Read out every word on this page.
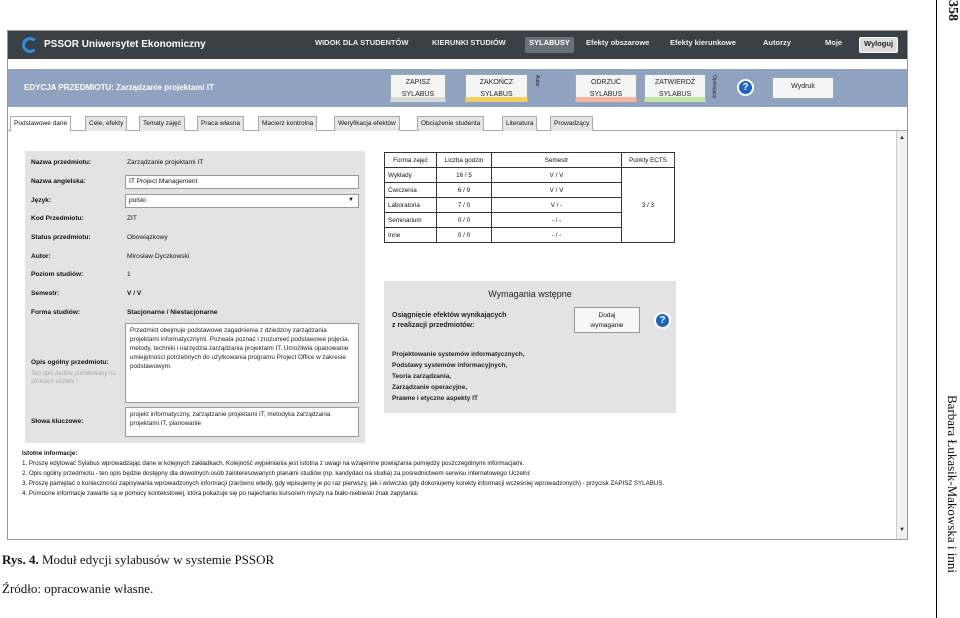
358
Barbara Łukasik-Makowska i inni
PSSOR Uniwersytet Ekonomiczny	WIDOK DLA STUDENTÓW	KIERUNKI STUDIÓW	SYLABUSY	Efekty obszarowe	Efekty kierunkowe	Autorzy	Moje	Wyloguj
EDYCJA PRZEDMIOTU: Zarządzanie projektami IT
ZAPISZ
SYLABUS
ZAKOŃCZ
SYLABUS
Autor	ODRZUĆ
SYLABUS
ZATWIERDŹ
SYLABUS	Opiniujący	?	Wydruk
Podstawowe dane	Cele, efekty	Tematy zajęć	Praca własna	Macierz kontrolna	Weryfikacja efektów	Obciążenie studenta	Literatura	Prowadzący
Nazwa przedmiotu:	Zarządzanie projektami IT
Nazwa angielska:	IT Project Management
Język:	polski	▼
Kod Przedmiotu:	ZIT
Status przedmiotu:	Obowiązkowy
Autor:	Mirosław Dyczkowski
Poziom studiów:	1
Semestr:	V / V
Forma studiów:	Stacjonarne / Niestacjonarne
Opis ogólny przedmiotu:
Ten opis będzie publikowany na stronach uczelni !
Przedmiot obejmuje podstawowe zagadnienia z dziedziny zarządzania projektami informatycznymi. Pozwala poznać i zrozumieć podstawowe pojęcia, metody, techniki i narzędzia zarządzania projektami IT. Umożliwia opanowanie umiejętności potrzebnych do użytkowania programu Project Office w zakresie podstawowym.
Słowa kluczowe:
projekt informatyczny, zarządzanie projektami IT, metodyka zarządzania projektami IT, planowanie
Forma zajęć	Liczba godzin	Semestr	Punkty ECTS
Wykłady	16 / 5	V / V	3 / 3
Ćwiczenia	6 / 9	V / V	
Laboratoria	7 / 0	V / -	
Seminarium	0 / 0	- / -	
Inne	0 / 0	- / -	
Wymagania wstępne
Osiągnięcie efektów wynikających
z realizacji przedmiotów:
Dodaj
wymaganie	?
Projektowanie systemów informatycznych,
Podstawy systemów informacyjnych,
Teoria zarządzania,
Zarządzanie operacyjne,
Prawne i etyczne aspekty IT
Istotne informacje:
1. Proszę edytować Sylabus wprowadzając dane w kolejnych zakładkach. Kolejność wypełniania jest istotna z uwagi na wzajemne powiązania pomiędzy poszczególnymi informacjami.
2. Opis ogólny przedmiotu - ten opis będzie dostępny dla dowolnych osób zainteresowanych planami studiów (np. kandydaci na studia) za pośrednictwem serwisu internetowego Uczelni;
3. Proszę pamiętać o konieczności zapisywania wprowadzonych informacji (zarówno wtedy, gdy wpisujemy je po raz pierwszy, jak i wówczas gdy dokonujemy korekty informacji wcześniej wprowadzonych) - przycisk ZAPISZ SYLABUS.
4. Pomocne informacje zawarte są w pomocy kontekstowej, która pokazuje się po najechaniu kursorem myszy na biało-niebieski znak zapytania.
▲
▼
Rys. 4. Moduł edycji sylabusów w systemie PSSOR
Źródło: opracowanie własne.
